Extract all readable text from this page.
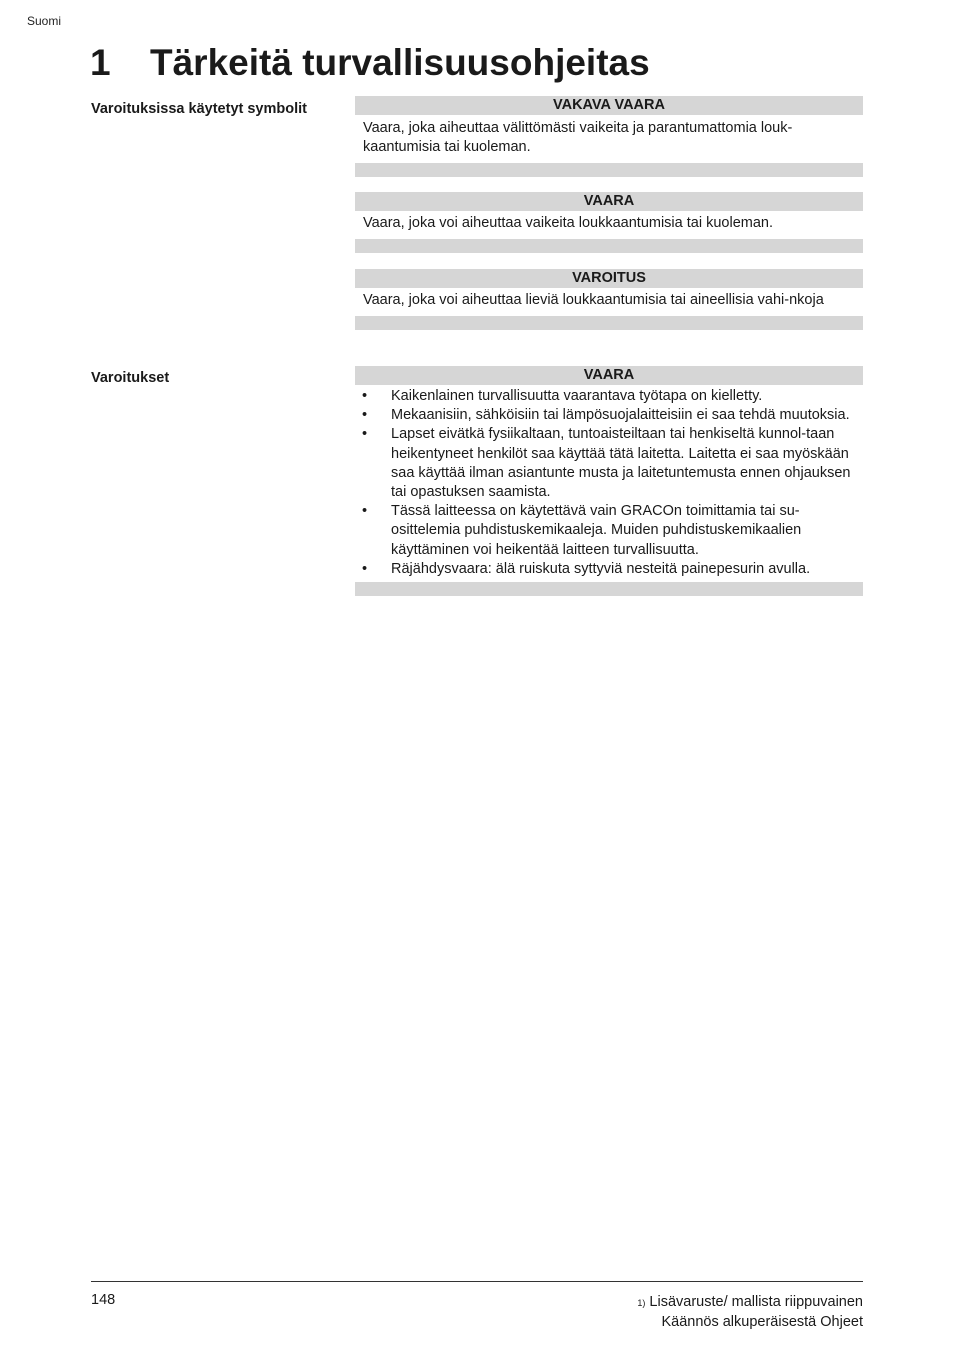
Suomi
1 Tärkeitä turvallisuusohjeitas
Varoituksissa käytetyt symbolit	VAKAVA VAARA
Vaara, joka aiheuttaa välittömästi vaikeita ja parantumattomia louk-kaantumisia tai kuoleman.
VAARA
Vaara, joka voi aiheuttaa vaikeita loukkaantumisia tai kuoleman.
VAROITUS
Vaara, joka voi aiheuttaa lieviä loukkaantumisia tai aineellisia vahi-nkoja
Varoitukset	VAARA
• Kaikenlainen turvallisuutta vaarantava työtapa on kielletty.
• Mekaanisiin, sähköisiin tai lämpösuojalaitteisiin ei saa tehdä muutoksia.
• Lapset eivätkä fysiikaltaan, tuntoaisteiltaan tai henkiseltä kunnol-taan heikentyneet henkilöt saa käyttää tätä laitetta. Laitetta ei saa myöskään saa käyttää ilman asiantunte musta ja laitetuntemusta ennen ohjauksen tai opastuksen saamista.
• Tässä laitteessa on käytettävä vain GRACOn toimittamia tai su-osittelemia puhdistuskemikaaleja. Muiden puhdistuskemikaalien käyttäminen voi heikentää laitteen turvallisuutta.
• Räjähdysvaara: älä ruiskuta syttyviä nesteitä painepesurin avulla.
148	$^{1)}$ Lisävaruste/ mallista riippuvainen
Käännös alkuperäisestä Ohjeet
